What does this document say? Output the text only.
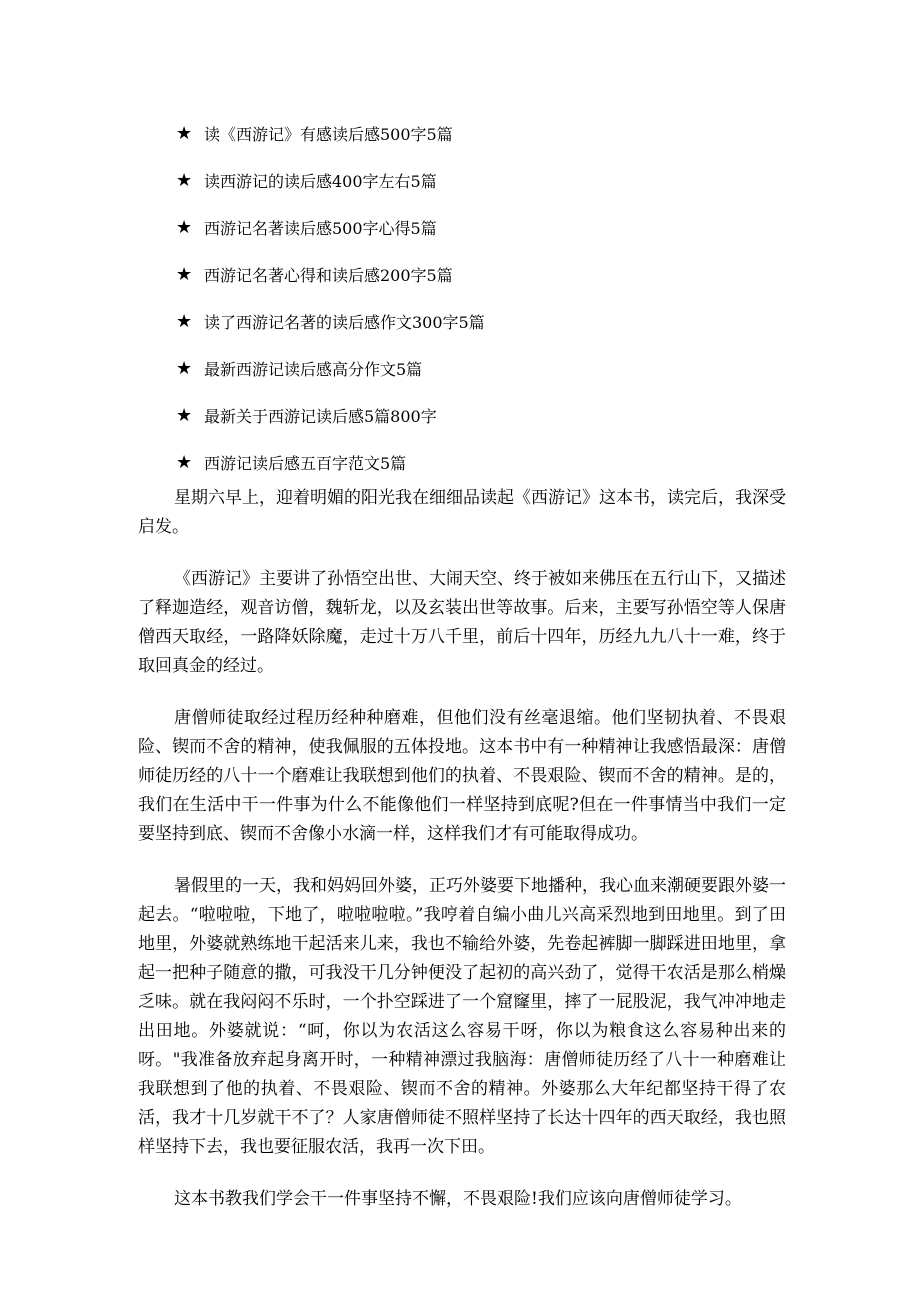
★ 读《西游记》有感读后感500字5篇
★ 读西游记的读后感400字左右5篇
★ 西游记名著读后感500字心得5篇
★ 西游记名著心得和读后感200字5篇
★ 读了西游记名著的读后感作文300字5篇
★ 最新西游记读后感高分作文5篇
★ 最新关于西游记读后感5篇800字
★ 西游记读后感五百字范文5篇

星期六早上，迎着明媚的阳光我在细细品读起《西游记》这本书，读完后，我深受启发。

《西游记》主要讲了孙悟空出世、大闹天空、终于被如来佛压在五行山下，又描述了释迦造经，观音访僧，魏斩龙，以及玄装出世等故事。后来，主要写孙悟空等人保唐僧西天取经，一路降妖除魔，走过十万八千里，前后十四年，历经九九八十一难，终于取回真金的经过。

唐僧师徒取经过程历经种种磨难，但他们没有丝毫退缩。他们坚韧执着、不畏艰险、锲而不舍的精神，使我佩服的五体投地。这本书中有一种精神让我感悟最深：唐僧师徒历经的八十一个磨难让我联想到他们的执着、不畏艰险、锲而不舍的精神。是的，我们在生活中干一件事为什么不能像他们一样坚持到底呢?但在一件事情当中我们一定要坚持到底、锲而不舍像小水滴一样，这样我们才有可能取得成功。

暑假里的一天，我和妈妈回外婆，正巧外婆要下地播种，我心血来潮硬要跟外婆一起去。“啦啦啦，下地了，啦啦啦啦。”我哼着自编小曲儿兴高采烈地到田地里。到了田地里，外婆就熟练地干起活来儿来，我也不输给外婆，先卷起裤脚一脚踩进田地里，拿起一把种子随意的撒，可我没干几分钟便没了起初的高兴劲了，觉得干农活是那么梢燥乏味。就在我闷闷不乐时，一个扑空踩进了一个窟窿里，摔了一屁股泥，我气冲冲地走出田地。外婆就说：“呵，你以为农活这么容易干呀，你以为粮食这么容易种出来的呀。"我准备放弃起身离开时，一种精神漂过我脑海：唐僧师徒历经了八十一种磨难让我联想到了他的执着、不畏艰险、锲而不舍的精神。外婆那么大年纪都坚持干得了农活，我才十几岁就干不了？人家唐僧师徒不照样坚持了长达十四年的西天取经，我也照样坚持下去，我也要征服农活，我再一次下田。

这本书教我们学会干一件事坚持不懈，不畏艰险!我们应该向唐僧师徒学习。
